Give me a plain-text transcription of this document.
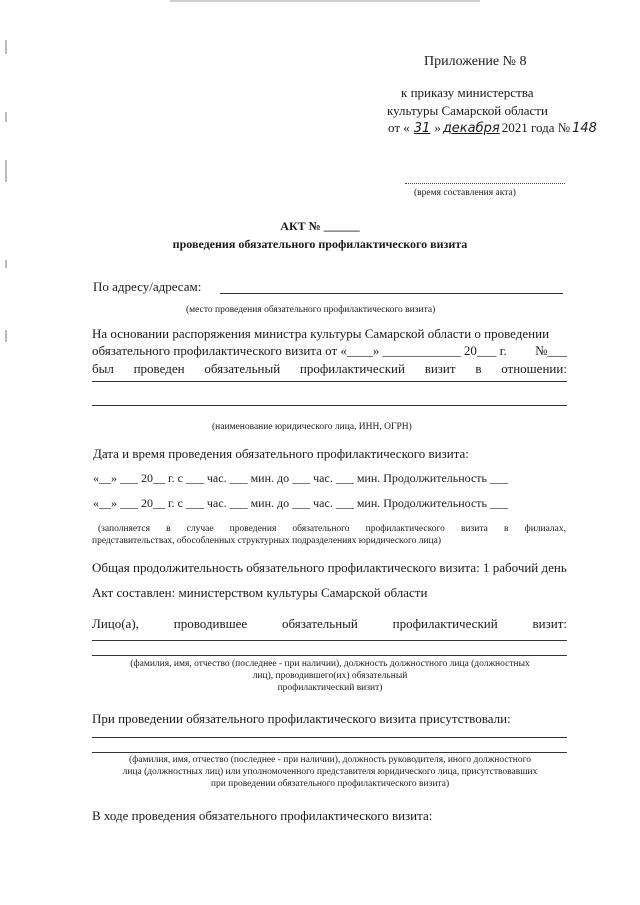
Приложение № 8
к приказу министерства
культуры Самарской области
от « 31 » декабря 2021 года № 148
(время составления акта)
АКТ № ______
проведения обязательного профилактического визита
По адресу/адресам:
(место проведения обязательного профилактического визита)
На основании распоряжения министра культуры Самарской области о проведении
обязательного профилактического визита от «____» ____________ 20___ г. №___
был проведен обязательный профилактический визит в отношении:
(наименование юридического лица, ИНН, ОГРН)
Дата и время проведения обязательного профилактического визита:
«__» ___ 20__ г. с ___ час. ___ мин. до ___ час. ___ мин. Продолжительность ___
«__» ___ 20__ г. с ___ час. ___ мин. до ___ час. ___ мин. Продолжительность ___
(заполняется в случае проведения обязательного профилактического визита в филиалах,
представительствах, обособленных структурных подразделениях юридического лица)
Общая продолжительность обязательного профилактического визита: 1 рабочий день
Акт составлен: министерством культуры Самарской области
Лицо(а),	проводившее	обязательный	профилактический	визит:
(фамилия, имя, отчество (последнее - при наличии), должность должностного лица (должностных
лиц), проводившего(их) обязательный
профилактический визит)
При проведении обязательного профилактического визита присутствовали:
(фамилия, имя, отчество (последнее - при наличии), должность руководителя, иного должностного
лица (должностных лиц) или уполномоченного представителя юридического лица, присутствовавших
при проведении обязательного профилактического визита)
В ходе проведения обязательного профилактического визита:
